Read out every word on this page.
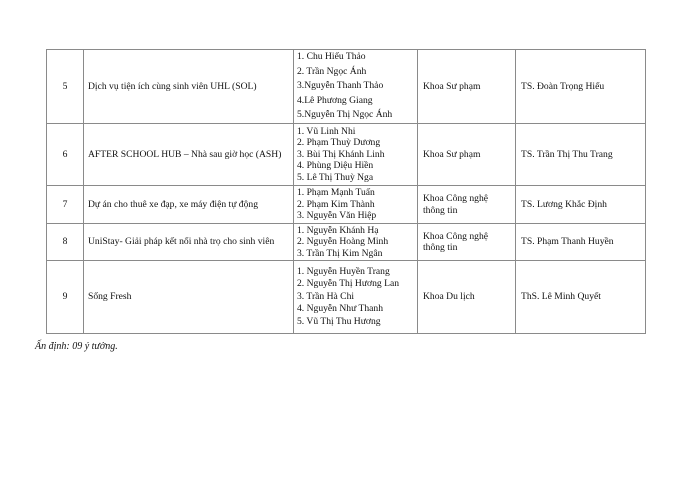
5	Dịch vụ tiện ích cùng sinh viên UHL (SOL)	1. Chu Hiếu Thảo
2. Trần Ngọc Ánh
3.Nguyễn Thanh Thảo
4.Lê Phương Giang
5.Nguyễn Thị Ngọc Ánh	Khoa Sư phạm	TS. Đoàn Trọng Hiếu
6	AFTER SCHOOL HUB – Nhà sau giờ học (ASH)	1. Vũ Linh Nhi
2. Phạm Thuỳ Dương
3. Bùi Thị Khánh Linh
4. Phùng Diệu Hiền
5. Lê Thị Thuỳ Nga	Khoa Sư phạm	TS. Trần Thị Thu Trang
7	Dự án cho thuê xe đạp, xe máy điện tự động	1. Phạm Mạnh Tuấn
2. Phạm Kim Thành
3. Nguyễn Văn Hiệp	Khoa Công nghệ thông tin	TS. Lương Khắc Định
8	UniStay- Giải pháp kết nối nhà trọ cho sinh viên	1. Nguyễn Khánh Hạ
2. Nguyễn Hoàng Minh
3. Trần Thị Kim Ngân	Khoa Công nghệ thông tin	TS. Phạm Thanh Huyền
9	Sống Fresh	1. Nguyễn Huyền Trang
2. Nguyễn Thị Hương Lan
3. Trần Hà Chi
4. Nguyễn Như Thanh
5. Vũ Thị Thu Hương	Khoa Du lịch	ThS. Lê Minh Quyết
Ấn định: 09 ý tưởng.
